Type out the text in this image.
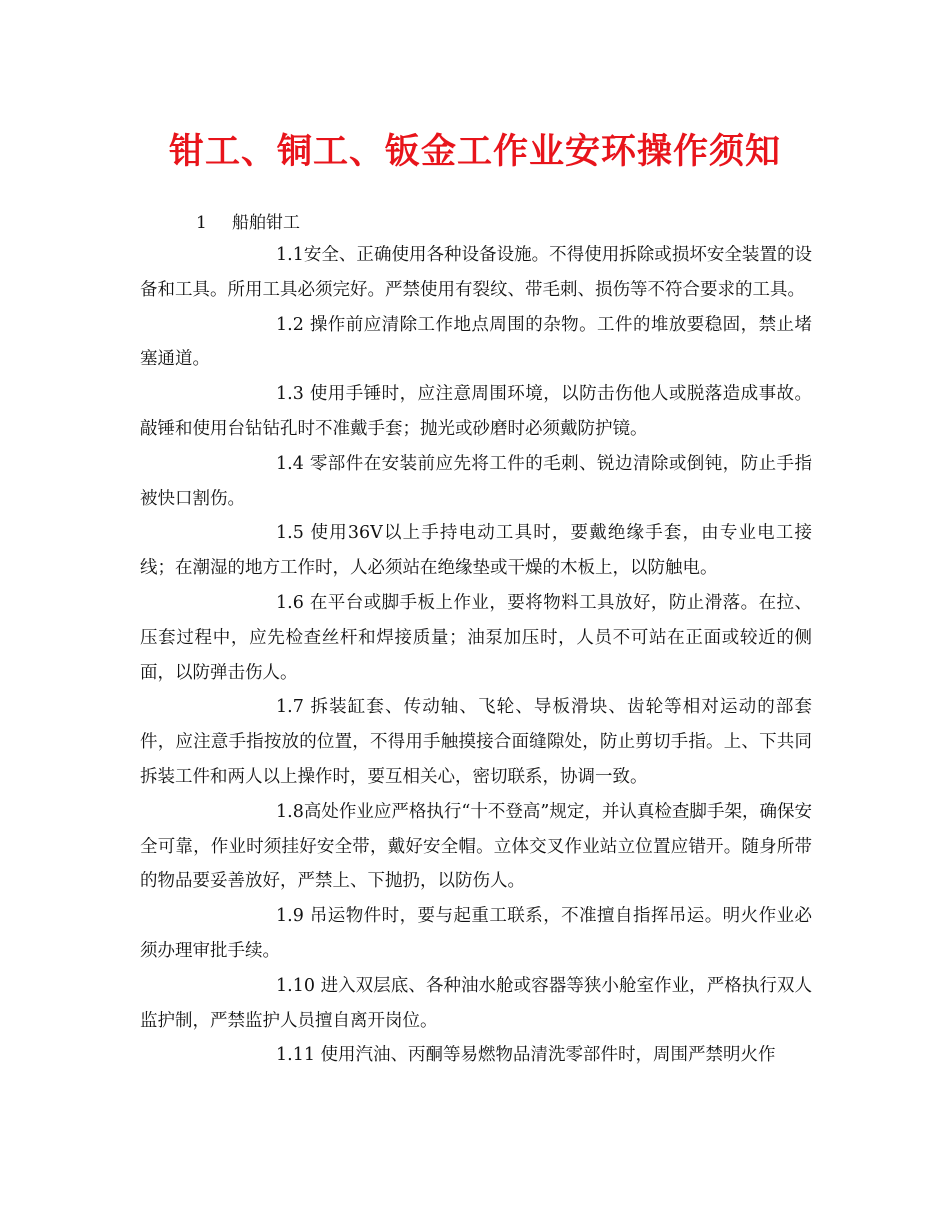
钳工、铜工、钣金工作业安环操作须知
1 船舶钳工

1.1安全、正确使用各种设备设施。不得使用拆除或损坏安全装置的设备和工具。所用工具必须完好。严禁使用有裂纹、带毛刺、损伤等不符合要求的工具。

1.2 操作前应清除工作地点周围的杂物。工件的堆放要稳固，禁止堵塞通道。

1.3 使用手锤时，应注意周围环境，以防击伤他人或脱落造成事故。敲锤和使用台钻钻孔时不准戴手套；抛光或砂磨时必须戴防护镜。

1.4 零部件在安装前应先将工件的毛刺、锐边清除或倒钝，防止手指被快口割伤。

1.5 使用36V以上手持电动工具时，要戴绝缘手套，由专业电工接线；在潮湿的地方工作时，人必须站在绝缘垫或干燥的木板上，以防触电。

1.6 在平台或脚手板上作业，要将物料工具放好，防止滑落。在拉、压套过程中，应先检查丝杆和焊接质量；油泵加压时，人员不可站在正面或较近的侧面，以防弹击伤人。

1.7 拆装缸套、传动轴、飞轮、导板滑块、齿轮等相对运动的部套件，应注意手指按放的位置，不得用手触摸接合面缝隙处，防止剪切手指。上、下共同拆装工件和两人以上操作时，要互相关心，密切联系，协调一致。

1.8高处作业应严格执行“十不登高”规定，并认真检查脚手架，确保安全可靠，作业时须挂好安全带，戴好安全帽。立体交叉作业站立位置应错开。随身所带的物品要妥善放好，严禁上、下抛扔，以防伤人。

1.9 吊运物件时，要与起重工联系，不准擅自指挥吊运。明火作业必须办理审批手续。

1.10 进入双层底、各种油水舱或容器等狭小舱室作业，严格执行双人监护制，严禁监护人员擅自离开岗位。

1.11 使用汽油、丙酮等易燃物品清洗零部件时，周围严禁明火作
